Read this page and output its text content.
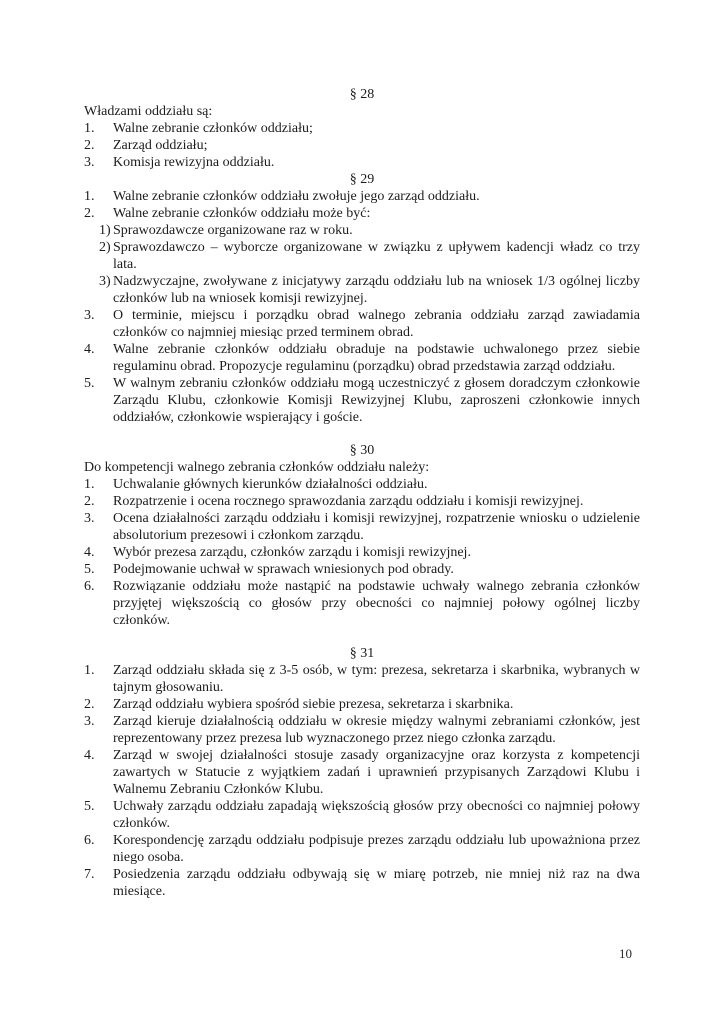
§ 28
Władzami oddziału są:
1. Walne zebranie członków oddziału;
2. Zarząd oddziału;
3. Komisja rewizyjna oddziału.
§ 29
1. Walne zebranie członków oddziału zwołuje jego zarząd oddziału.
2. Walne zebranie członków oddziału może być:
1) Sprawozdawcze organizowane raz w roku.
2) Sprawozdawczo – wyborcze organizowane w związku z upływem kadencji władz co trzy lata.
3) Nadzwyczajne, zwoływane z inicjatywy zarządu oddziału lub na wniosek 1/3 ogólnej liczby członków lub na wniosek komisji rewizyjnej.
3. O terminie, miejscu i porządku obrad walnego zebrania oddziału zarząd zawiadamia członków co najmniej miesiąc przed terminem obrad.
4. Walne zebranie członków oddziału obraduje na podstawie uchwalonego przez siebie regulaminu obrad. Propozycje regulaminu (porządku) obrad przedstawia zarząd oddziału.
5. W walnym zebraniu członków oddziału mogą uczestniczyć z głosem doradczym członkowie Zarządu Klubu, członkowie Komisji Rewizyjnej Klubu, zaproszeni członkowie innych oddziałów, członkowie wspierający i goście.
§ 30
Do kompetencji walnego zebrania członków oddziału należy:
1. Uchwalanie głównych kierunków działalności oddziału.
2. Rozpatrzenie i ocena rocznego sprawozdania zarządu oddziału i komisji rewizyjnej.
3. Ocena działalności zarządu oddziału i komisji rewizyjnej, rozpatrzenie wniosku o udzielenie absolutorium prezesowi i członkom zarządu.
4. Wybór prezesa zarządu, członków zarządu i komisji rewizyjnej.
5. Podejmowanie uchwał w sprawach wniesionych pod obrady.
6. Rozwiązanie oddziału może nastąpić na podstawie uchwały walnego zebrania członków przyjętej większością co głosów przy obecności co najmniej połowy ogólnej liczby członków.
§ 31
1. Zarząd oddziału składa się z 3-5 osób, w tym: prezesa, sekretarza i skarbnika, wybranych w tajnym głosowaniu.
2. Zarząd oddziału wybiera spośród siebie prezesa, sekretarza i skarbnika.
3. Zarząd kieruje działalnością oddziału w okresie między walnymi zebraniami członków, jest reprezentowany przez prezesa lub wyznaczonego przez niego członka zarządu.
4. Zarząd w swojej działalności stosuje zasady organizacyjne oraz korzysta z kompetencji zawartych w Statucie z wyjątkiem zadań i uprawnień przypisanych Zarządowi Klubu i Walnemu Zebraniu Członków Klubu.
5. Uchwały zarządu oddziału zapadają większością głosów przy obecności co najmniej połowy członków.
6. Korespondencję zarządu oddziału podpisuje prezes zarządu oddziału lub upoważniona przez niego osoba.
7. Posiedzenia zarządu oddziału odbywają się w miarę potrzeb, nie mniej niż raz na dwa miesiące.
10
